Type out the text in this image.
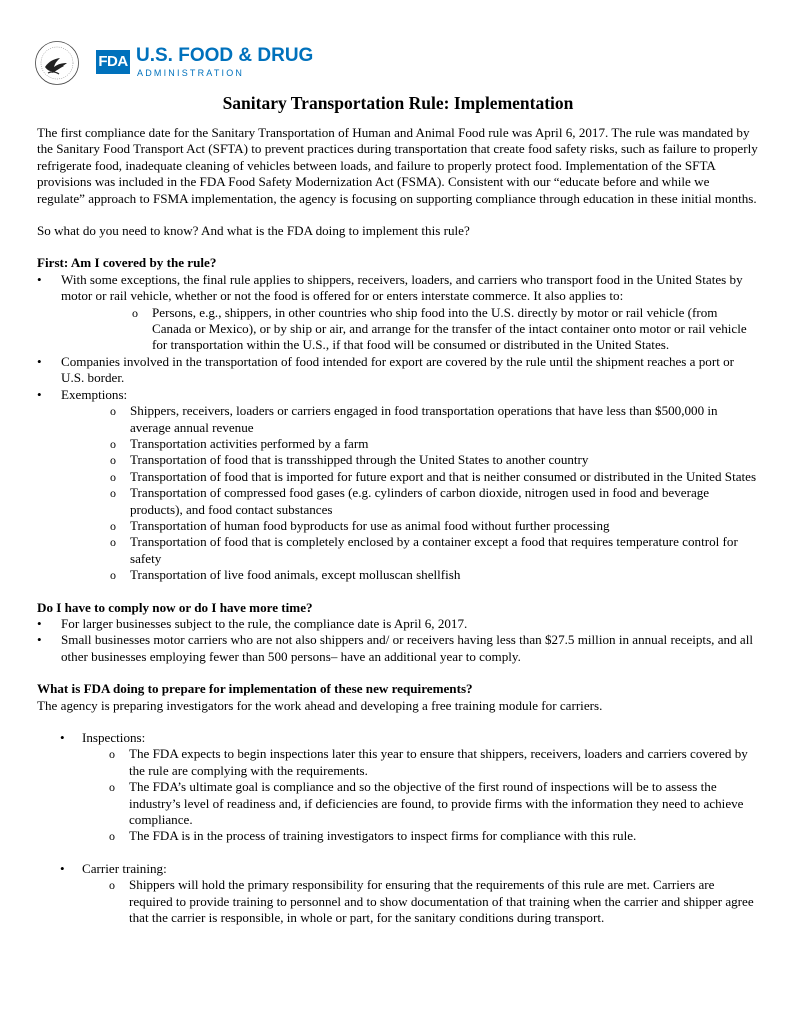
FDA U.S. FOOD & DRUG
ADMINISTRATION
Sanitary Transportation Rule: Implementation

The first compliance date for the Sanitary Transportation of Human and Animal Food rule was April 6, 2017. The rule was mandated by the Sanitary Food Transport Act (SFTA) to prevent practices during transportation that create food safety risks, such as failure to properly refrigerate food, inadequate cleaning of vehicles between loads, and failure to properly protect food. Implementation of the SFTA provisions was included in the FDA Food Safety Modernization Act (FSMA). Consistent with our “educate before and while we regulate” approach to FSMA implementation, the agency is focusing on supporting compliance through education in these initial months.

So what do you need to know? And what is the FDA doing to implement this rule?

First: Am I covered by the rule?
• With some exceptions, the final rule applies to shippers, receivers, loaders, and carriers who transport food in the United States by motor or rail vehicle, whether or not the food is offered for or enters interstate commerce. It also applies to:
o Persons, e.g., shippers, in other countries who ship food into the U.S. directly by motor or rail vehicle (from Canada or Mexico), or by ship or air, and arrange for the transfer of the intact container onto motor or rail vehicle for transportation within the U.S., if that food will be consumed or distributed in the United States.
• Companies involved in the transportation of food intended for export are covered by the rule until the shipment reaches a port or U.S. border.
• Exemptions:
o Shippers, receivers, loaders or carriers engaged in food transportation operations that have less than $500,000 in average annual revenue
o Transportation activities performed by a farm
o Transportation of food that is transshipped through the United States to another country
o Transportation of food that is imported for future export and that is neither consumed or distributed in the United States
o Transportation of compressed food gases (e.g. cylinders of carbon dioxide, nitrogen used in food and beverage products), and food contact substances
o Transportation of human food byproducts for use as animal food without further processing
o Transportation of food that is completely enclosed by a container except a food that requires temperature control for safety
o Transportation of live food animals, except molluscan shellfish
Do I have to comply now or do I have more time?
• For larger businesses subject to the rule, the compliance date is April 6, 2017.
• Small businesses motor carriers who are not also shippers and/ or receivers having less than $27.5 million in annual receipts, and all other businesses employing fewer than 500 persons– have an additional year to comply.
What is FDA doing to prepare for implementation of these new requirements?

The agency is preparing investigators for the work ahead and developing a free training module for carriers.

• Inspections:
o The FDA expects to begin inspections later this year to ensure that shippers, receivers, loaders and carriers covered by the rule are complying with the requirements.
o The FDA’s ultimate goal is compliance and so the objective of the first round of inspections will be to assess the industry’s level of readiness and, if deficiencies are found, to provide firms with the information they need to achieve compliance.
o The FDA is in the process of training investigators to inspect firms for compliance with this rule.
• Carrier training:
o Shippers will hold the primary responsibility for ensuring that the requirements of this rule are met. Carriers are required to provide training to personnel and to show documentation of that training when the carrier and shipper agree that the carrier is responsible, in whole or part, for the sanitary conditions during transport.
